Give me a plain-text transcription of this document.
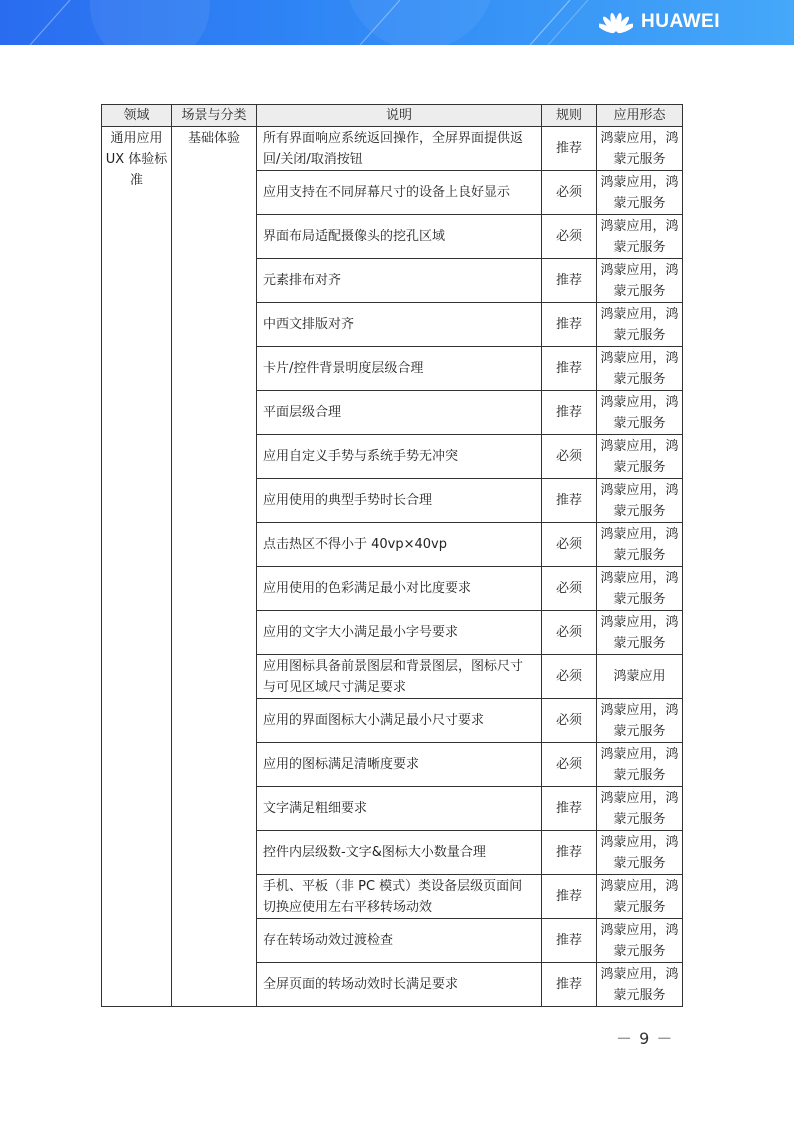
HUAWEI
领域	场景与分类	说明	规则	应用形态
通用应用UX 体验标准	基础体验	所有界面响应系统返回操作，全屏界面提供返回/关闭/取消按钮	推荐	鸿蒙应用，鸿蒙元服务
		应用支持在不同屏幕尺寸的设备上良好显示	必须	鸿蒙应用，鸿蒙元服务
		界面布局适配摄像头的挖孔区域	必须	鸿蒙应用，鸿蒙元服务
		元素排布对齐	推荐	鸿蒙应用，鸿蒙元服务
		中西文排版对齐	推荐	鸿蒙应用，鸿蒙元服务
		卡片/控件背景明度层级合理	推荐	鸿蒙应用，鸿蒙元服务
		平面层级合理	推荐	鸿蒙应用，鸿蒙元服务
		应用自定义手势与系统手势无冲突	必须	鸿蒙应用，鸿蒙元服务
		应用使用的典型手势时长合理	推荐	鸿蒙应用，鸿蒙元服务
		点击热区不得小于 40vp×40vp	必须	鸿蒙应用，鸿蒙元服务
		应用使用的色彩满足最小对比度要求	必须	鸿蒙应用，鸿蒙元服务
		应用的文字大小满足最小字号要求	必须	鸿蒙应用，鸿蒙元服务
		应用图标具备前景图层和背景图层，图标尺寸与可见区域尺寸满足要求	必须	鸿蒙应用
		应用的界面图标大小满足最小尺寸要求	必须	鸿蒙应用，鸿蒙元服务
		应用的图标满足清晰度要求	必须	鸿蒙应用，鸿蒙元服务
		文字满足粗细要求	推荐	鸿蒙应用，鸿蒙元服务
		控件内层级数-文字&图标大小数量合理	推荐	鸿蒙应用，鸿蒙元服务
		手机、平板（非 PC 模式）类设备层级页面间切换应使用左右平移转场动效	推荐	鸿蒙应用，鸿蒙元服务
		存在转场动效过渡检查	推荐	鸿蒙应用，鸿蒙元服务
		全屏页面的转场动效时长满足要求	推荐	鸿蒙应用，鸿蒙元服务
－ 9 －
